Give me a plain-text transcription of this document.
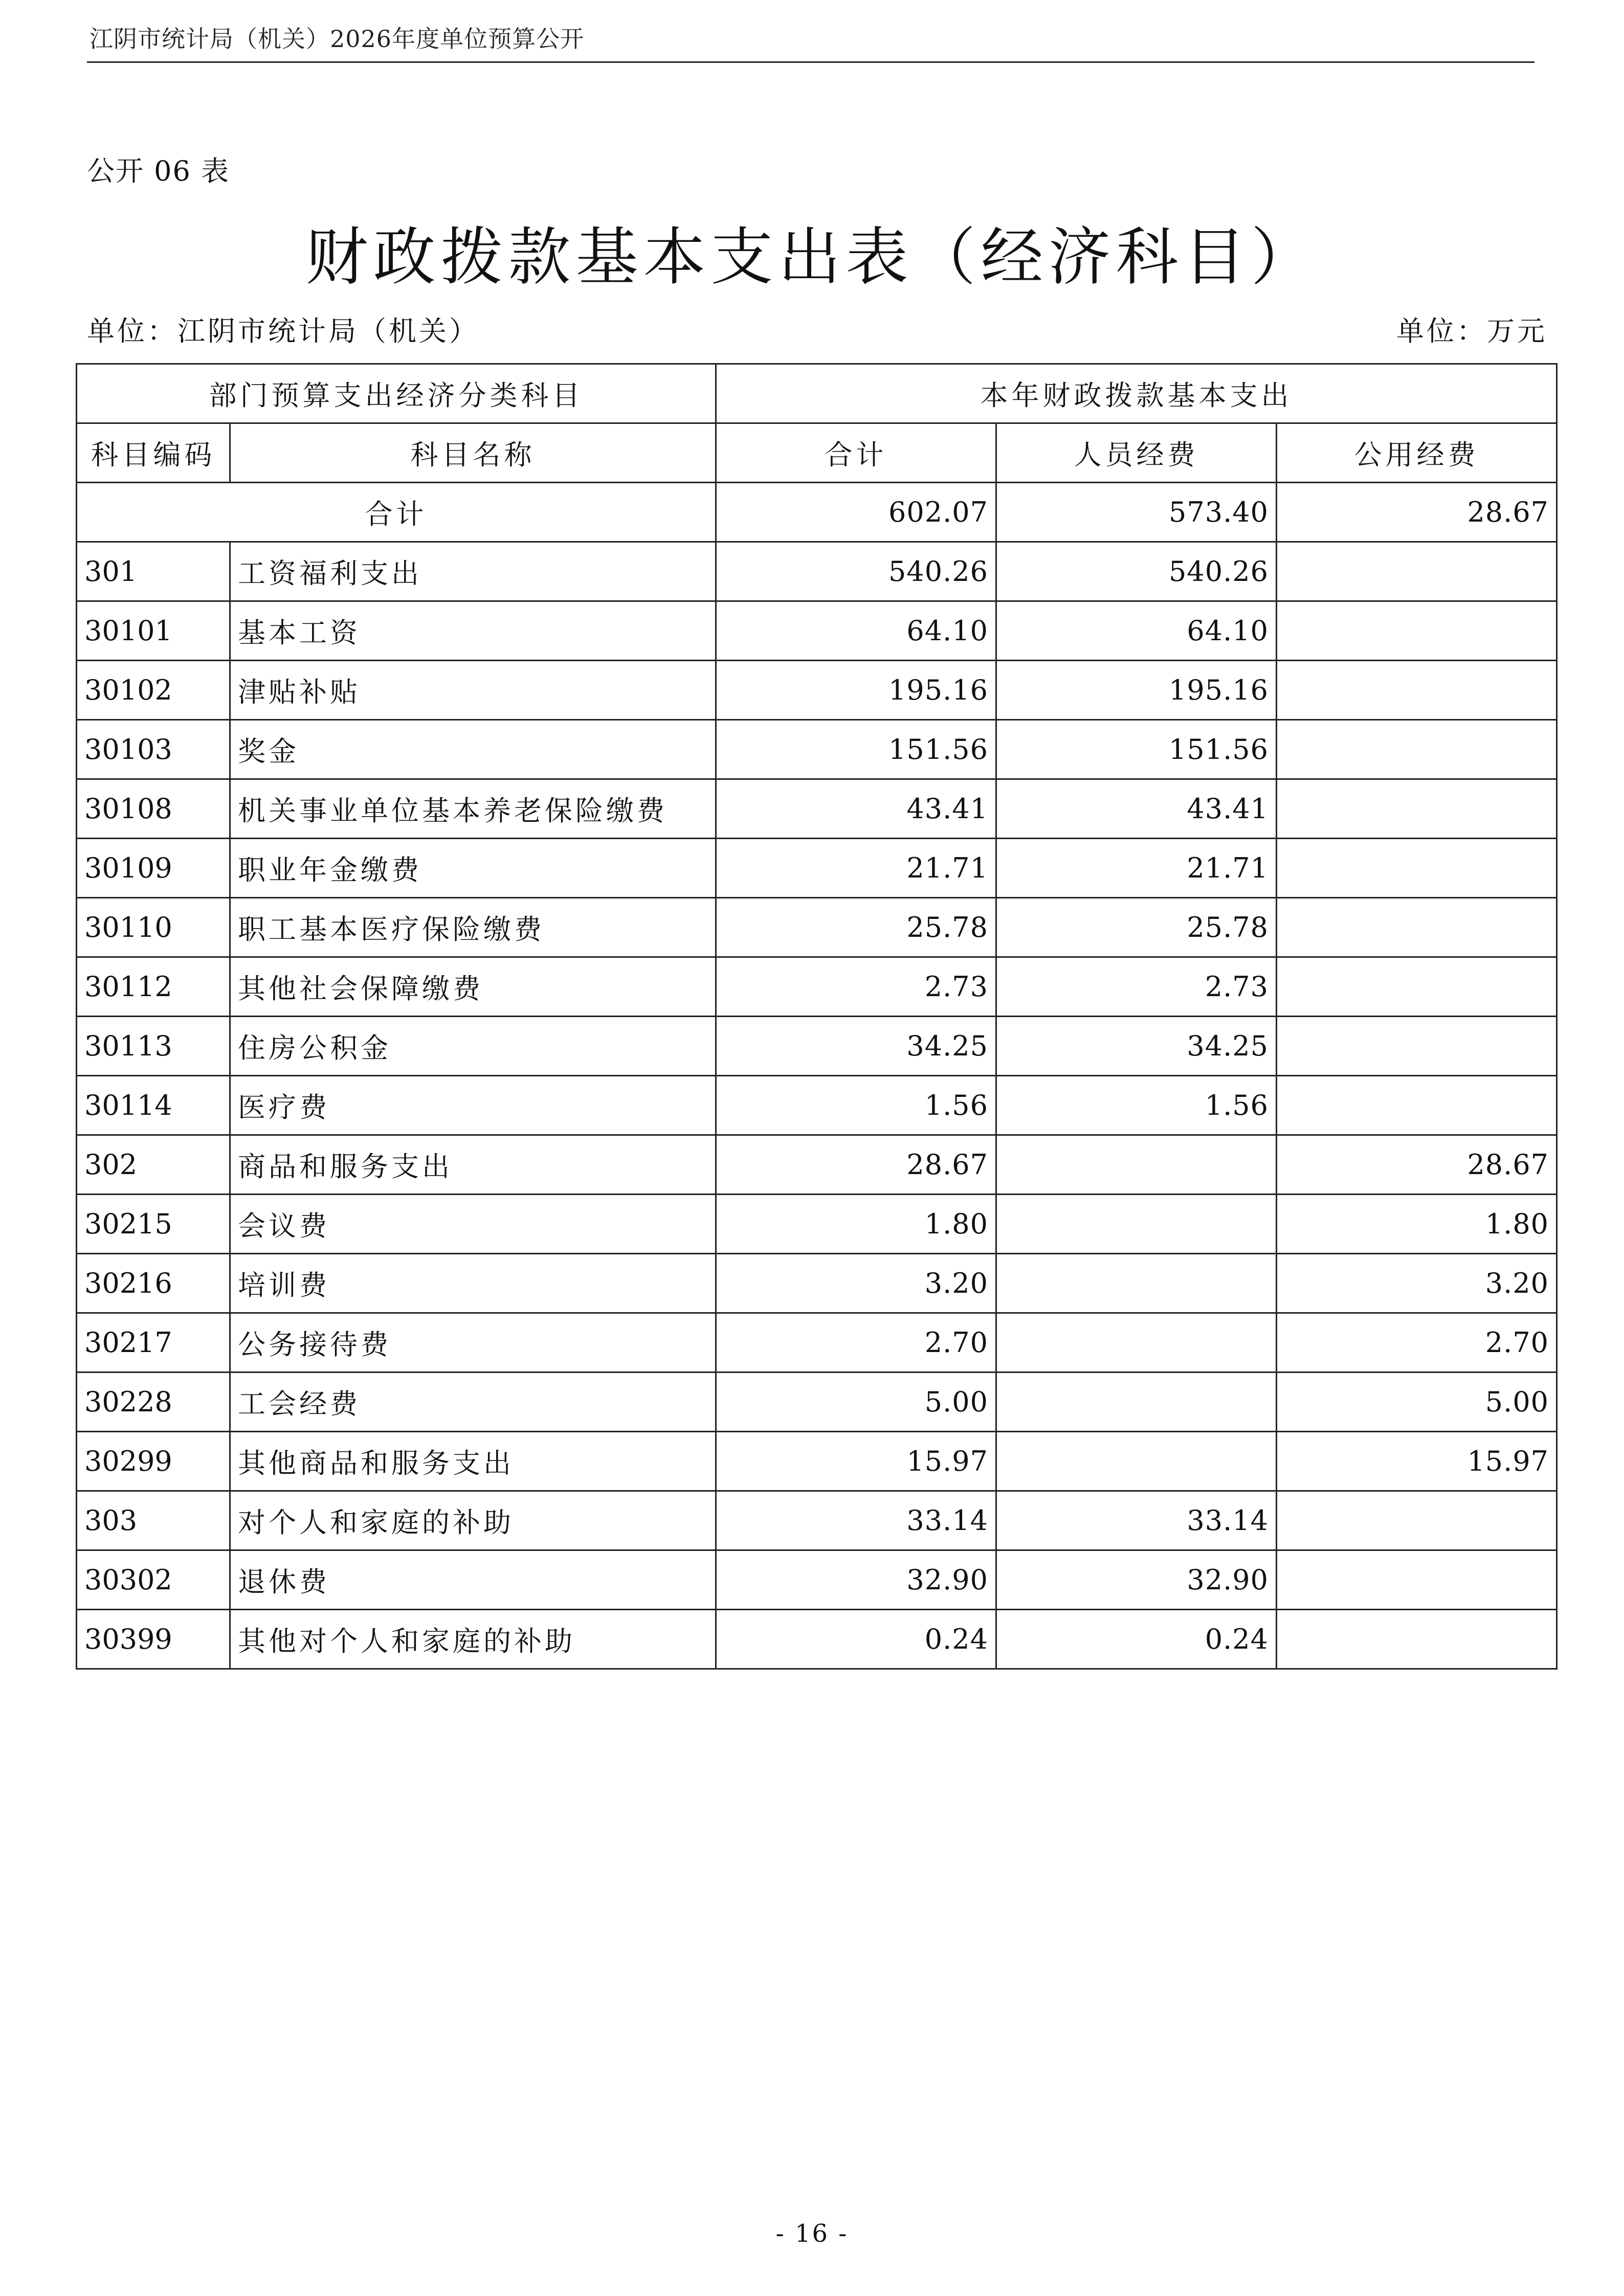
江阴市统计局（机关）2026年度单位预算公开
公开 06 表
财政拨款基本支出表（经济科目）
单位：江阴市统计局（机关）	单位：万元
部门预算支出经济分类科目		本年财政拨款基本支出		
科目编码	科目名称	合计	人员经费	公用经费
合计		602.07	573.40	28.67
301	工资福利支出	540.26	540.26	
30101	基本工资	64.10	64.10	
30102	津贴补贴	195.16	195.16	
30103	奖金	151.56	151.56	
30108	机关事业单位基本养老保险缴费	43.41	43.41	
30109	职业年金缴费	21.71	21.71	
30110	职工基本医疗保险缴费	25.78	25.78	
30112	其他社会保障缴费	2.73	2.73	
30113	住房公积金	34.25	34.25	
30114	医疗费	1.56	1.56	
302	商品和服务支出	28.67		28.67
30215	会议费	1.80		1.80
30216	培训费	3.20		3.20
30217	公务接待费	2.70		2.70
30228	工会经费	5.00		5.00
30299	其他商品和服务支出	15.97		15.97
303	对个人和家庭的补助	33.14	33.14	
30302	退休费	32.90	32.90	
30399	其他对个人和家庭的补助	0.24	0.24	
- 16 -
